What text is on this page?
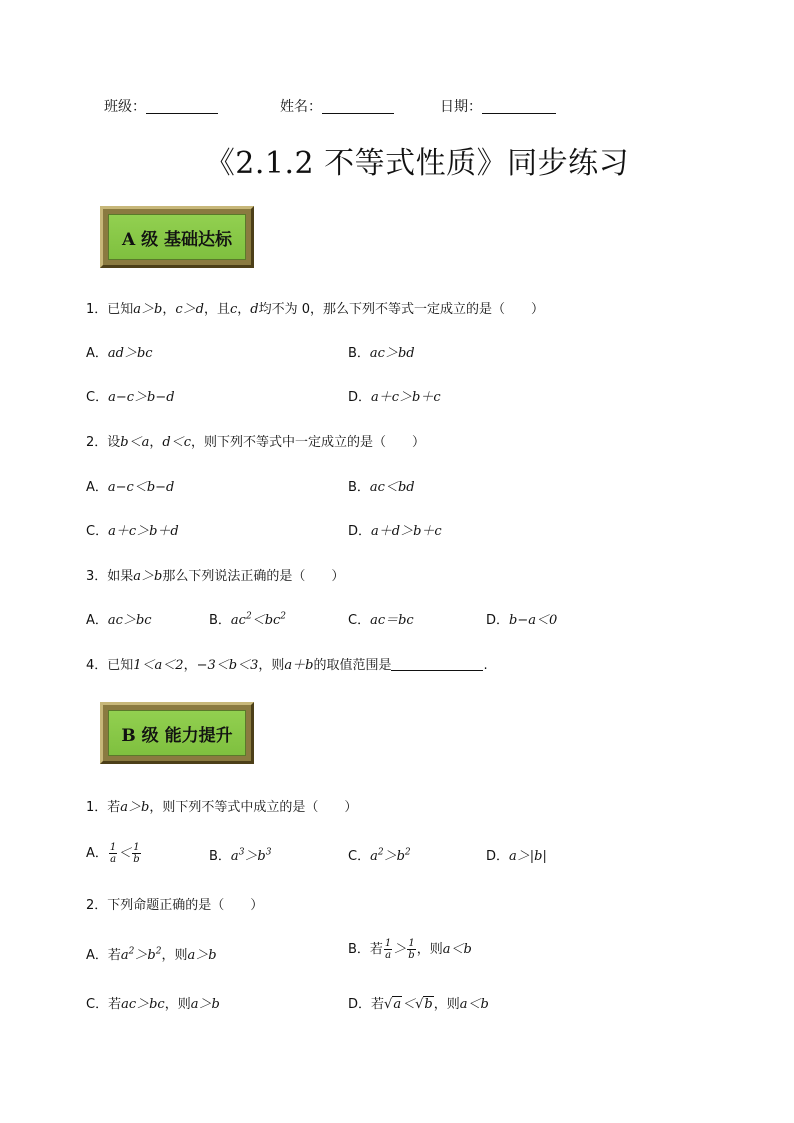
班级：	姓名：	日期：
《2.1.2 不等式性质》同步练习
A 级 基础达标
1．已知a＞b，c＞d，且c，d均不为 0，那么下列不等式一定成立的是（　　）
A．ad＞bc	B．ac＞bd
C．a−c＞b−d	D．a＋c＞b＋c
2．设b＜a，d＜c，则下列不等式中一定成立的是（　　）
A．a−c＜b−d	B．ac＜bd
C．a＋c＞b＋d	D．a＋d＞b＋c
3．如果a＞b那么下列说法正确的是（　　）
A．ac＞bc	B．$ac^2<bc^2$	C．ac＝bc	D．b−a＜0
4．已知1＜a＜2，−3＜b＜3，则a＋b的取值范围是	.
B 级 能力提升
1．若a＞b，则下列不等式中成立的是（　　）
A． $\frac{1}{a} < \frac{1}{b}$	B．$a^3>b^3$	C．$a^2>b^2$	D．a＞|b|
2．下列命题正确的是（　　）
A．若$a^2>b^2$，则a＞b	B．若 $\frac{1}{a} > \frac{1}{b}$ ，则a＜b
C．若ac＞bc，则a＞b	D．若√a＜√b，则a＜b
